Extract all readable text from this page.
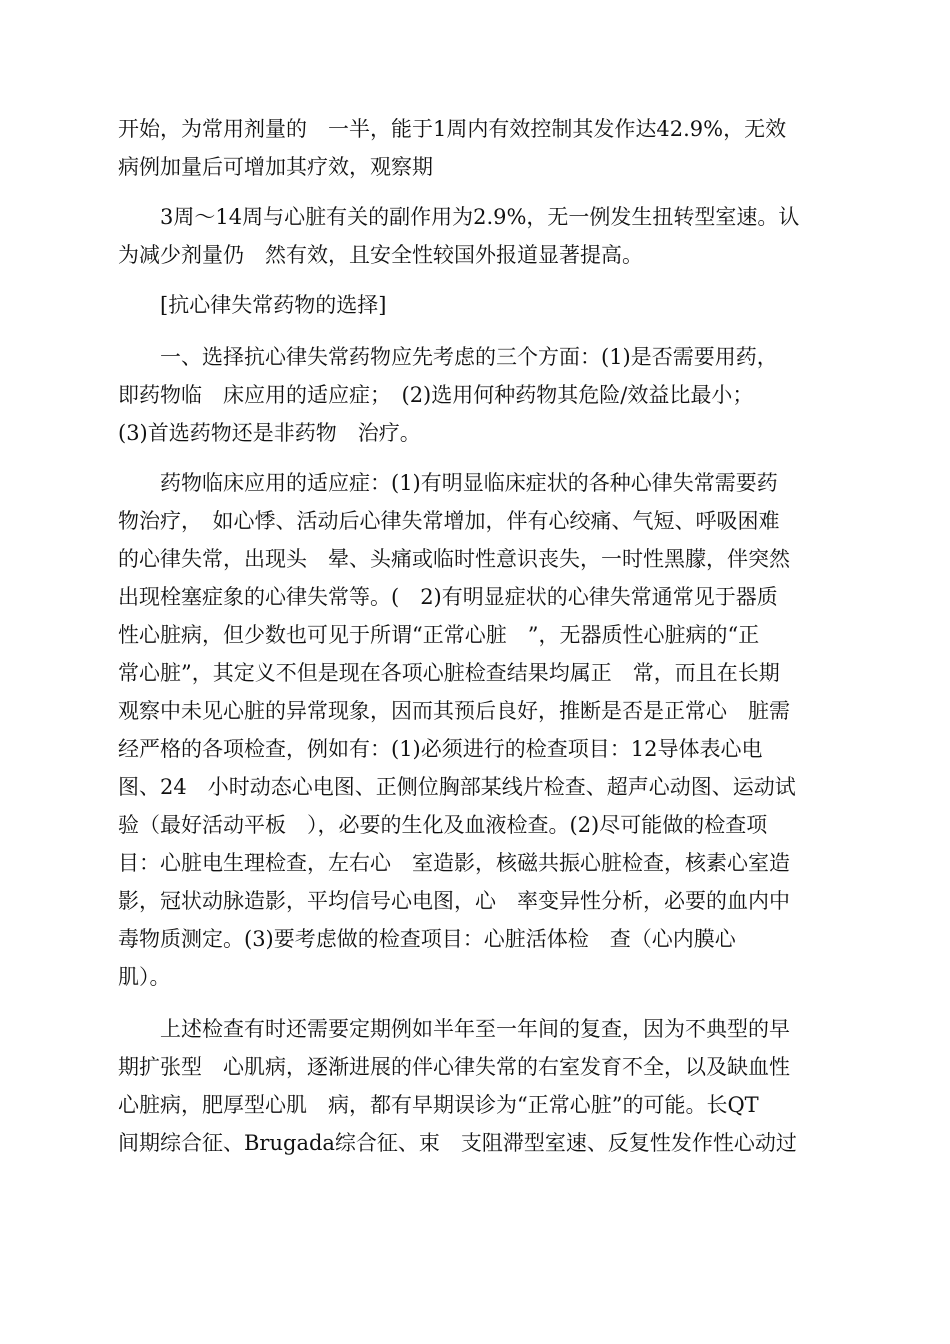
开始，为常用剂量的　一半，能于1周内有效控制其发作达42.9%，无效
病例加量后可增加其疗效，观察期

3周～14周与心脏有关的副作用为2.9%，无一例发生扭转型室速。认
为减少剂量仍　然有效，且安全性较国外报道显著提高。

[抗心律失常药物的选择]

一、选择抗心律失常药物应先考虑的三个方面：(1)是否需要用药，
即药物临　床应用的适应症；　(2)选用何种药物其危险/效益比最小；
(3)首选药物还是非药物　治疗。

药物临床应用的适应症：(1)有明显临床症状的各种心律失常需要药
物治疗，　如心悸、活动后心律失常增加，伴有心绞痛、气短、呼吸困难
的心律失常，出现头　晕、头痛或临时性意识丧失，一时性黑朦，伴突然
出现栓塞症象的心律失常等。(　2)有明显症状的心律失常通常见于器质
性心脏病，但少数也可见于所谓“正常心脏　”，无器质性心脏病的“正
常心脏”，其定义不但是现在各项心脏检查结果均属正　常，而且在长期
观察中未见心脏的异常现象，因而其预后良好，推断是否是正常心　脏需
经严格的各项检查，例如有：(1)必须进行的检查项目：12导体表心电
图、24　小时动态心电图、正侧位胸部某线片检查、超声心动图、运动试
验（最好活动平板　），必要的生化及血液检查。(2)尽可能做的检查项
目：心脏电生理检查，左右心　室造影，核磁共振心脏检查，核素心室造
影，冠状动脉造影，平均信号心电图，心　率变异性分析，必要的血内中
毒物质测定。(3)要考虑做的检查项目：心脏活体检　查（心内膜心
肌）。

上述检查有时还需要定期例如半年至一年间的复查，因为不典型的早
期扩张型　心肌病，逐渐进展的伴心律失常的右室发育不全，以及缺血性
心脏病，肥厚型心肌　病，都有早期误诊为“正常心脏”的可能。长QT
间期综合征、Brugada综合征、束　支阻滞型室速、反复性发作性心动过
